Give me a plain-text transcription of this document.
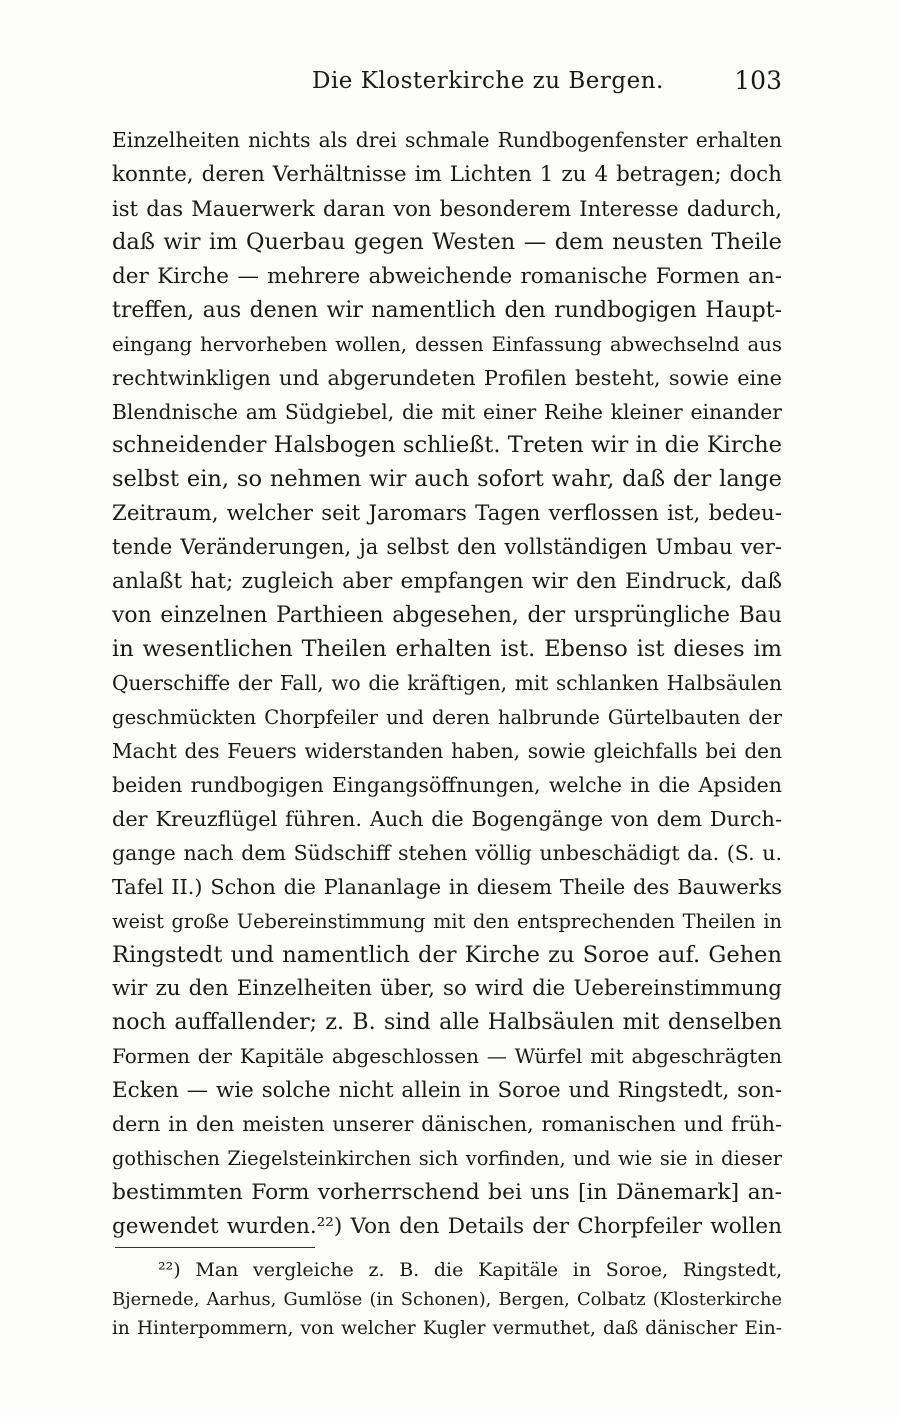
Die Klosterkirche zu Bergen.	103
Einzelheiten nichts als drei schmale Rundbogenfenster erhalten
konnte, deren Verhältnisse im Lichten 1 zu 4 betragen; doch
ist das Mauerwerk daran von besonderem Interesse dadurch,
daß wir im Querbau gegen Westen — dem neusten Theile
der Kirche — mehrere abweichende romanische Formen an-
treffen, aus denen wir namentlich den rundbogigen Haupt-
eingang hervorheben wollen, dessen Einfassung abwechselnd aus
rechtwinkligen und abgerundeten Profilen besteht, sowie eine
Blendnische am Südgiebel, die mit einer Reihe kleiner einander
schneidender Halsbogen schließt. Treten wir in die Kirche
selbst ein, so nehmen wir auch sofort wahr, daß der lange
Zeitraum, welcher seit Jaromars Tagen verflossen ist, bedeu-
tende Veränderungen, ja selbst den vollständigen Umbau ver-
anlaßt hat; zugleich aber empfangen wir den Eindruck, daß
von einzelnen Parthieen abgesehen, der ursprüngliche Bau
in wesentlichen Theilen erhalten ist. Ebenso ist dieses im
Querschiffe der Fall, wo die kräftigen, mit schlanken Halbsäulen
geschmückten Chorpfeiler und deren halbrunde Gürtelbauten der
Macht des Feuers widerstanden haben, sowie gleichfalls bei den
beiden rundbogigen Eingangsöffnungen, welche in die Apsiden
der Kreuzflügel führen. Auch die Bogengänge von dem Durch-
gange nach dem Südschiff stehen völlig unbeschädigt da. (S. u.
Tafel II.) Schon die Plananlage in diesem Theile des Bauwerks
weist große Uebereinstimmung mit den entsprechenden Theilen in
Ringstedt und namentlich der Kirche zu Soroe auf. Gehen
wir zu den Einzelheiten über, so wird die Uebereinstimmung
noch auffallender; z. B. sind alle Halbsäulen mit denselben
Formen der Kapitäle abgeschlossen — Würfel mit abgeschrägten
Ecken — wie solche nicht allein in Soroe und Ringstedt, son-
dern in den meisten unserer dänischen, romanischen und früh-
gothischen Ziegelsteinkirchen sich vorfinden, und wie sie in dieser
bestimmten Form vorherrschend bei uns [in Dänemark] an-
gewendet wurden.²²) Von den Details der Chorpfeiler wollen
²²) Man vergleiche z. B. die Kapitäle in Soroe, Ringstedt,
Bjernede, Aarhus, Gumlöse (in Schonen), Bergen, Colbatz (Klosterkirche
in Hinterpommern, von welcher Kugler vermuthet, daß dänischer Ein-
